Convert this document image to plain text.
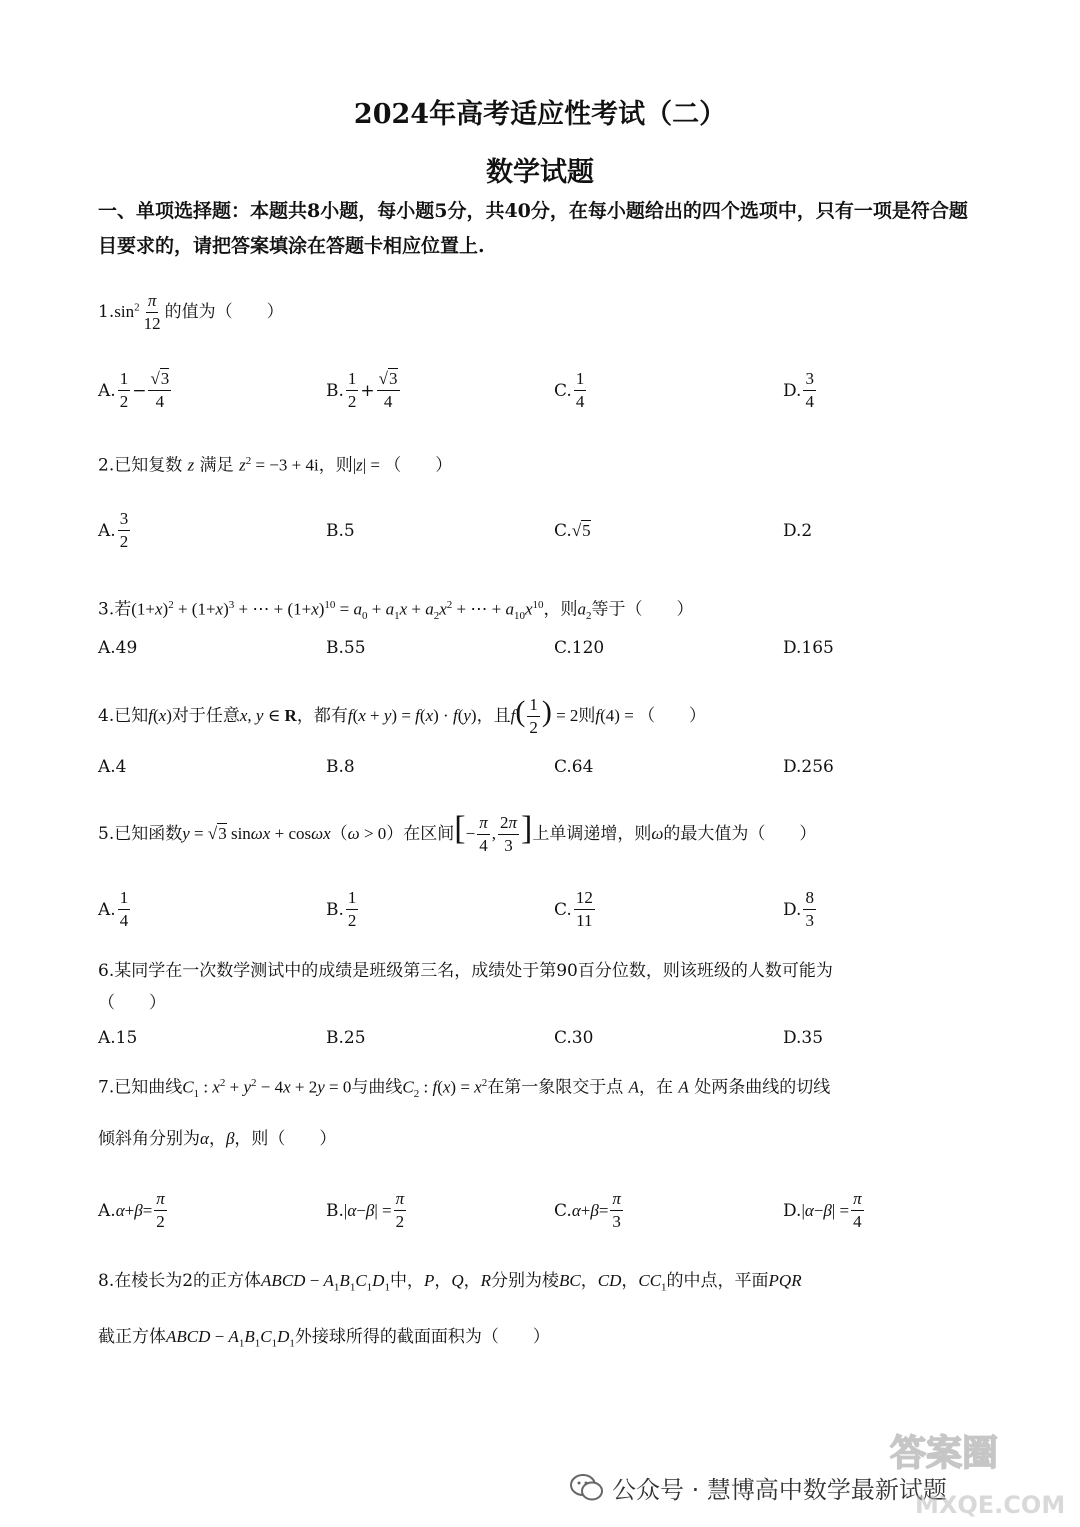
2024年高考适应性考试（二）
数学试题
一、单项选择题：本题共8小题，每小题5分，共40分，在每小题给出的四个选项中，只有一项是符合题目要求的，请把答案填涂在答题卡相应位置上.
$1.\sin^2 \frac{\pi}{12}$ 的值为（　　）
A. $\frac{1}{2} - \frac{√3}{4}$	B. $\frac{1}{2} + \frac{√3}{4}$	C. $\frac{1}{4}$	D. $\frac{3}{4}$
2.已知复数 z 满足 $z^2 = -3 + 4i$，则|z| = （　　）
A. $\frac{3}{2}$	B.5	C. √5	D.2
3.若$(1+x)^2 + (1+x)^3$ + ⋯ + $(1+x)^{10} = a_0 + a_1x + a_2x^2$ + ⋯ + $a_{10}x^{10}$，则$a_2$等于（　　）
A.49	B.55	C.120	D.165
4.已知f(x)对于任意x, y ∈ R，都有f(x + y) = f(x) · f(y)，且$f( \frac{1}{2}$ ) = 2则f(4) = （　　）
A.4	B.8	C.64	D.256
5.已知函数y = √3 sinωx + cosωx（ω > 0）在区间[− $\frac{\pi}{4}$ , $\frac{2\pi}{3}$ ]上单调递增，则ω的最大值为（　　）
A. $\frac{1}{4}$	B. $\frac{1}{2}$	C. $\frac{12}{11}$	D. $\frac{8}{3}$
6.某同学在一次数学测试中的成绩是班级第三名，成绩处于第90百分位数，则该班级的人数可能为
（　　）
A.15	B.25	C.30	D.35
7.已知曲线$C_1$ : $x^2 + y^2 - 4x + 2y = 0$与曲线$C_2$ : $f(x) = x^2$在第一象限交于点 A，在 A 处两条曲线的切线
倾斜角分别为α，β，则（　　）
A. $\alpha + \beta = \frac{\pi}{2}$	B. | α − β | = $\frac{\pi}{2}$	C. $\alpha + \beta = \frac{\pi}{3}$	D. | α − β | = $\frac{\pi}{4}$
8.在棱长为2的正方体ABCD − $A_1B_1C_1D_1$中，P，Q，R分别为棱BC，CD，$CC_1$的中点，平面PQR
截正方体ABCD − $A_1B_1C_1D_1$外接球所得的截面面积为（　　）
公众号 · 慧博高中数学最新试题
答案圈
MXQE.COM
